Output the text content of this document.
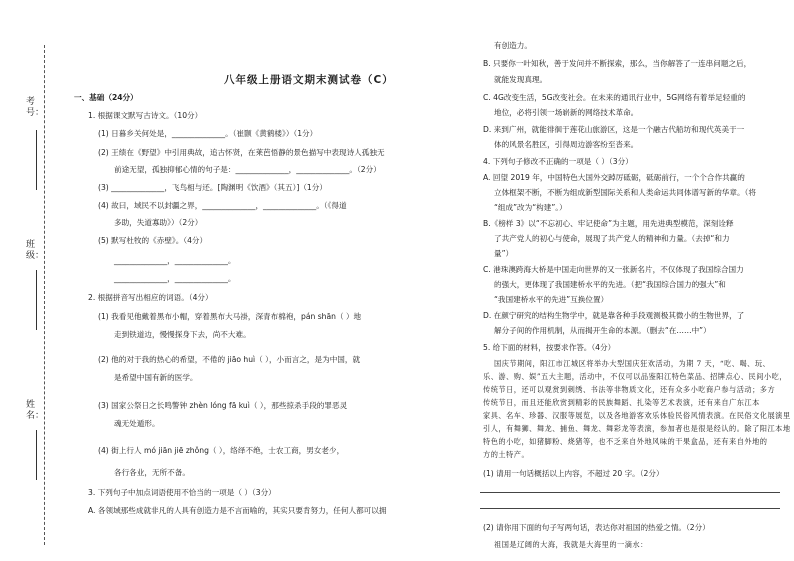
考号：
班级：
姓名：
八年级上册语文期末测试卷（C）
一、基础（24分）
1. 根据课文默写古诗文。（10分）
(1) 日暮乡关何处是，______________。（崔颢《黄鹤楼》）（1分）
(2) 王绩在《野望》中引用典故，追古怀贤，在莱芭悟静的景色描写中表现诗人孤独无
前途无望，孤独抑郁心情的句子是：______________，______________。（2分）
(3) ______________，飞鸟相与还。[陶渊明《饮酒》（其五）]（1分）
(4) 故曰，域民不以封疆之界，______________，______________。（《得道
多助，失道寡助》）（2分）
(5) 默写杜牧的《赤壁》。（4分）
______________，______________。
______________，______________。
2. 根据拼音写出相应的词语。（4分）
(1) 我看见他戴着黑布小帽，穿着黑布大马褂，深青布棉袍，pán shān（ ）地
走到铁道边，慢慢探身下去，尚不大难。
(2) 他的对于我的热心的希望，不倦的 jiāo huì（ ），小而言之，是为中国，就
是希望中国有新的医学。
(3) 国家公祭日之长鸣警钟 zhèn lóng fā kuì（ ），那些掠杀手段的罪恶灵
魂无处遁形。
(4) 街上行人 mó jiān jiē zhǒng（ ），络绎不绝，士农工商，男女老少，
各行各业，无所不备。
3. 下列句子中加点词语使用不恰当的一项是（ ）（3分）
A. 各领域那些成就非凡的人具有创造力是不言而喻的，其实只要肯努力，任何人都可以拥
有创造力。
B. 只要你一叶知秋，善于发问并不断探索，那么，当你解答了一连串问题之后，
就能发现真理。
C. 4G改变生活，5G改变社会。在未来的通讯行业中，5G网络有着举足轻重的
地位，必将引领一场崭新的网络技术革命。
D. 来到广州，就能徘徊于莲花山旅游区，这是一个融古代船坊和现代英美于一
体的风景名胜区，引得周边游客纷至沓来。
4. 下列句子修改不正确的一项是（ ）（3分）
A. 回望 2019 年，中国特色大国外交踔厉砥砺，砥砺前行，一个个合作共赢的
立体框架不断，不断为组成新型国际关系和人类命运共同体谱写新的华章。（将
“组成”改为“构建”。）
B.《榜样 3》以“不忘初心、牢记使命”为主题，用先进典型模范，深刻诠释
了共产党人的初心与使命，展现了共产党人的精神和力量。（去掉“和力
量”）
C. 港珠澳跨海大桥是中国走向世界的又一张新名片，不仅体现了我国综合国力
的强大，更体现了我国建桥水平的先进。（把“我国综合国力的强大”和
“我国建桥水平的先进”互换位置）
D. 在颜宁研究的结构生物学中，就是靠各种手段观测极其微小的生物世界，了
解分子间的作用机制，从而揭开生命的本源。（删去“在……中”）
5. 给下面的材料，按要求作答。（4分）
国庆节期间，阳江市江城区将举办大型国庆狂欢活动，为期 7 天，“吃、喝、玩、
乐、游、购、娱”五大主题，活动中，不仅可以品鉴阳江特色菜品、招牌点心、民间小吃，
传统节日，还可以观赏到刺绣、书法等非物质文化，还有众多小吃商户参与活动；多方
传统节日，而且还能欣赏到精彩的民族舞蹈、扎染等艺术表演，还有来自广东江本
家具、名车、珍器、汉服等展览，以及各地游客欢乐体验民俗风情表演。在民俗文化展演里
引人，有舞狮、舞龙、捕鱼、舞龙、舞彩龙等表演，参加者也是很是经认的。除了阳江本地
特色的小吃，如猪脚粉、烧猪等，也不乏来自外地风味的干果盒品，还有来自外地的
方的土特产。
(1) 请用一句话概括以上内容，不超过 20 字。（2分）
(2) 请你用下面的句子写两句话，表达你对祖国的热爱之情。（2分）
祖国是辽阔的大海，我就是大海里的一滴水：
